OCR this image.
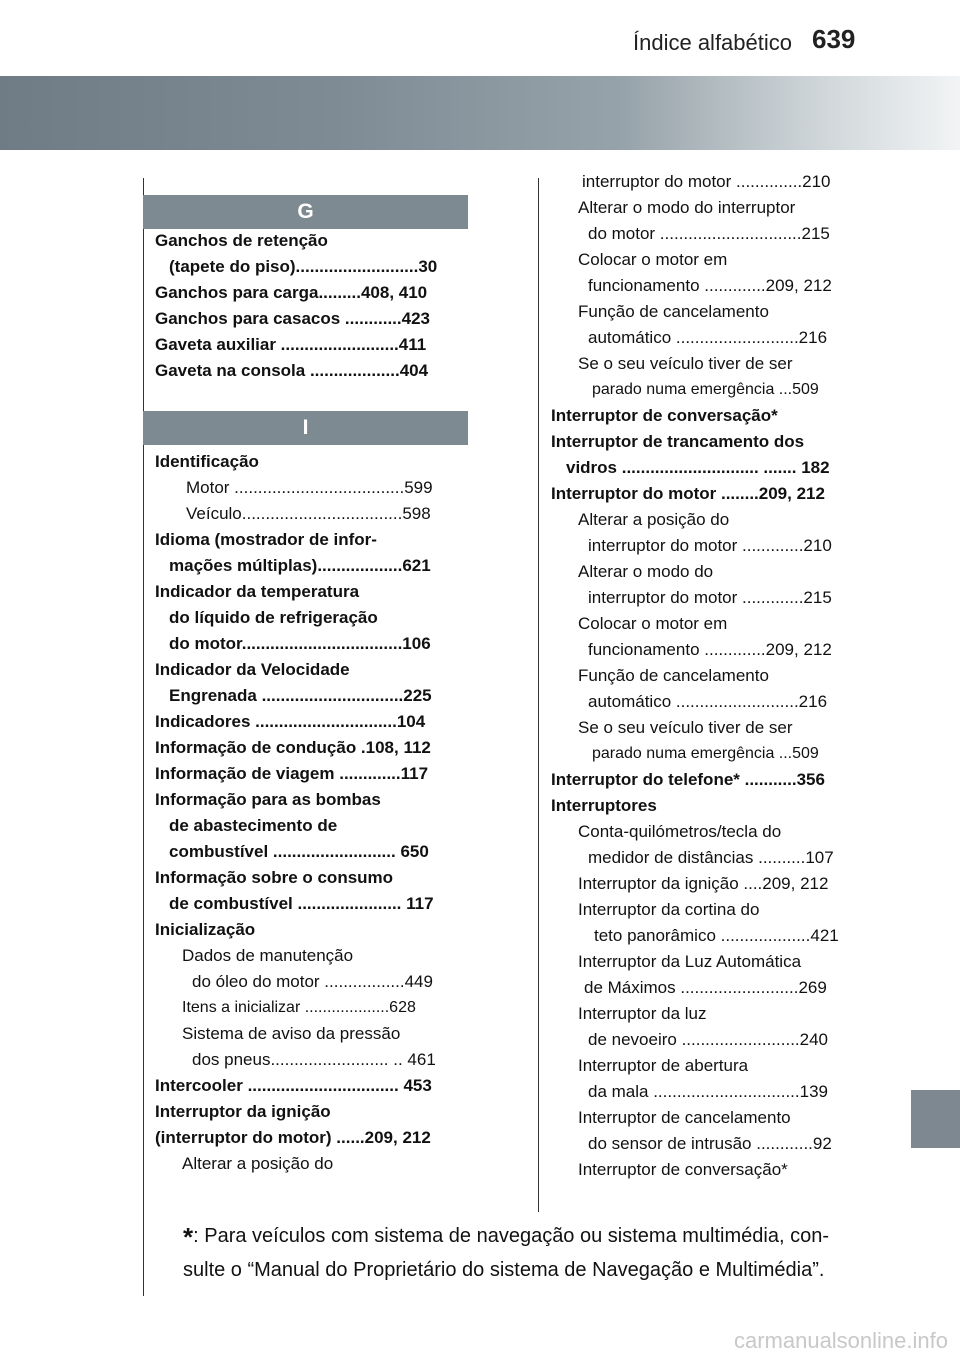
Índice alfabético 639
G
I
Ganchos de retenção
(tapete do piso)..........................30
Ganchos para carga.........408, 410
Ganchos para casacos ............423
Gaveta auxiliar .........................411
Gaveta na consola ...................404
Identificação
Motor ....................................599
Veículo..................................598
Idioma (mostrador de infor-
mações múltiplas)..................621
Indicador da temperatura
do líquido de refrigeração
do motor..................................106
Indicador da Velocidade
Engrenada ..............................225
Indicadores ..............................104
Informação de condução .108, 112
Informação de viagem .............117
Informação para as bombas
de abastecimento de
combustível .......................... 650
Informação sobre o consumo
de combustível ...................... 117
Inicialização
Dados de manutenção
do óleo do motor .................449
Itens a inicializar ...................628
Sistema de aviso da pressão
dos pneus......................... .. 461
Intercooler ................................ 453
Interruptor da ignição
(interruptor do motor) ......209, 212
Alterar a posição do
interruptor do motor ..............210
Alterar o modo do interruptor
do motor ..............................215
Colocar o motor em
funcionamento .............209, 212
Função de cancelamento
automático ..........................216
Se o seu veículo tiver de ser
parado numa emergência ...509
Interruptor de conversação*
Interruptor de trancamento dos
vidros ............................. ....... 182
Interruptor do motor ........209, 212
Alterar a posição do
interruptor do motor .............210
Alterar o modo do
interruptor do motor .............215
Colocar o motor em
funcionamento .............209, 212
Função de cancelamento
automático ..........................216
Se o seu veículo tiver de ser
parado numa emergência ...509
Interruptor do telefone* ...........356
Interruptores
Conta-quilómetros/tecla do
medidor de distâncias ..........107
Interruptor da ignição ....209, 212
Interruptor da cortina do
teto panorâmico ...................421
Interruptor da Luz Automática
de Máximos .........................269
Interruptor da luz
de nevoeiro .........................240
Interruptor de abertura
da mala ...............................139
Interruptor de cancelamento
do sensor de intrusão ............92
Interruptor de conversação*
*: Para veículos com sistema de navegação ou sistema multimédia, con-
sulte o “Manual do Proprietário do sistema de Navegação e Multimédia”.
carmanualsonline.info
